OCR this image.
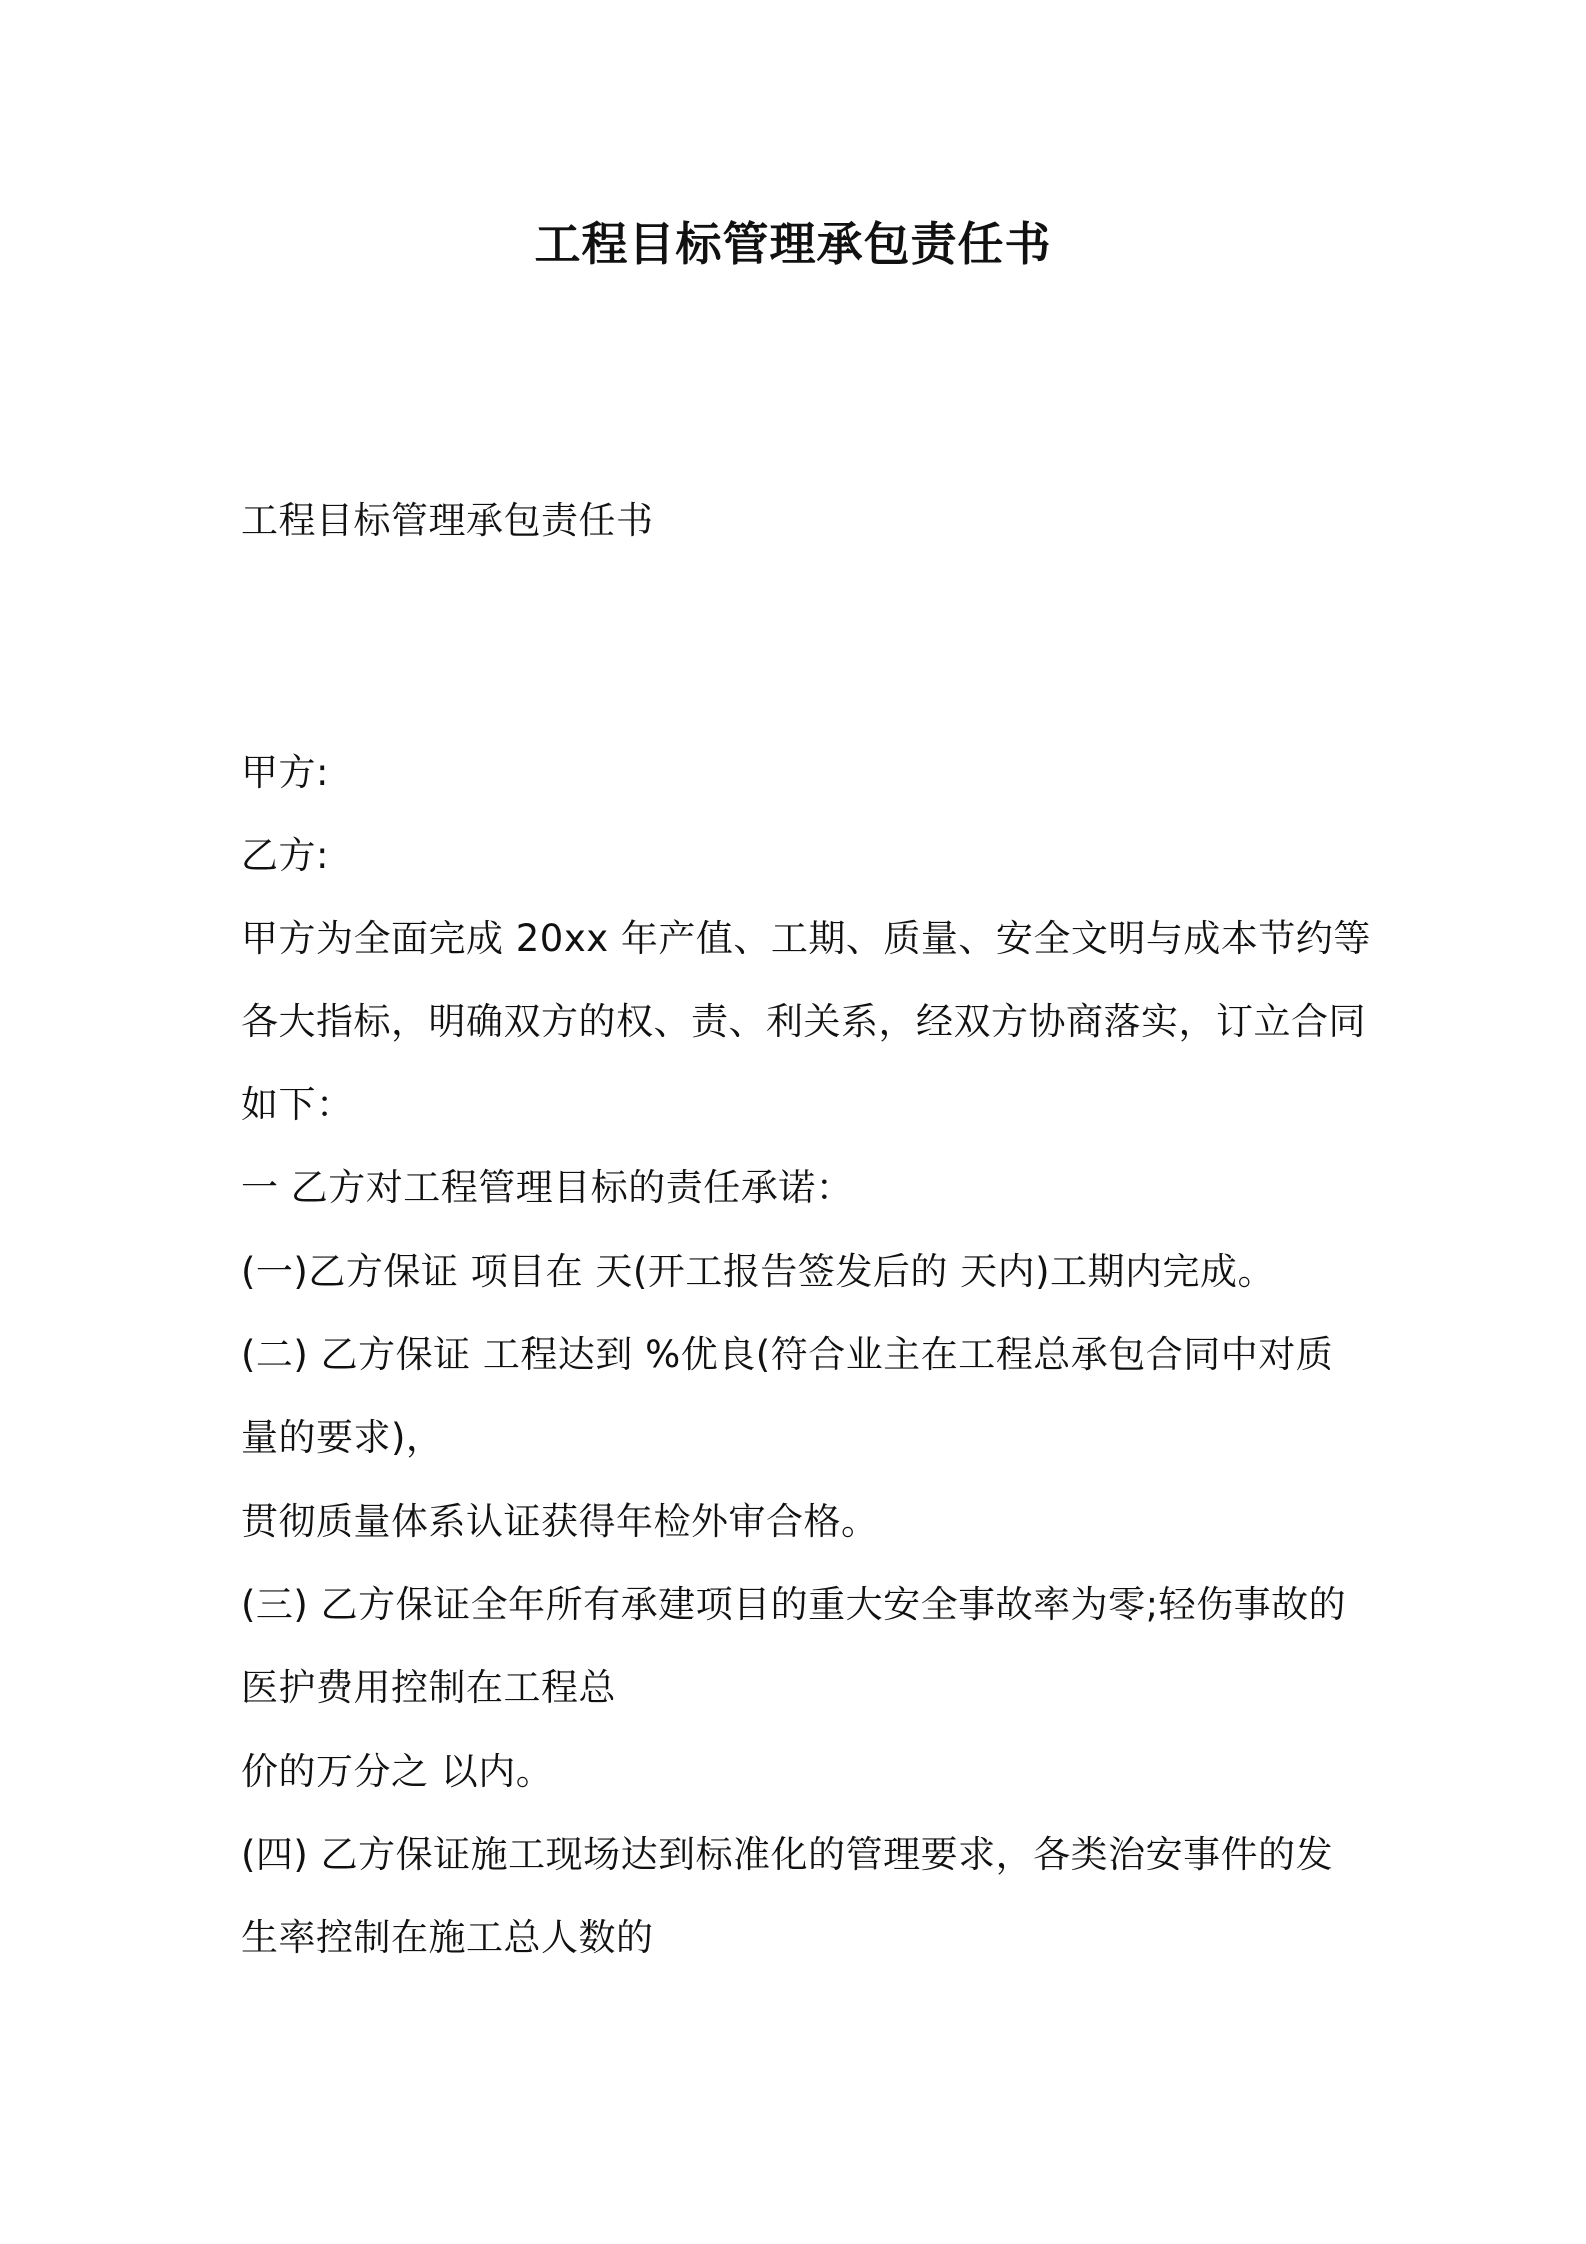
工程目标管理承包责任书
工程目标管理承包责任书
甲方:
乙方:
甲方为全面完成 20xx 年产值、工期、质量、安全文明与成本节约等
各大指标，明确双方的权、责、利关系，经双方协商落实，订立合同
如下：
一 乙方对工程管理目标的责任承诺：
(一)乙方保证 项目在 天(开工报告签发后的 天内)工期内完成。
(二) 乙方保证 工程达到 %优良(符合业主在工程总承包合同中对质
量的要求)，
贯彻质量体系认证获得年检外审合格。
(三) 乙方保证全年所有承建项目的重大安全事故率为零;轻伤事故的
医护费用控制在工程总
价的万分之 以内。
(四) 乙方保证施工现场达到标准化的管理要求，各类治安事件的发
生率控制在施工总人数的
